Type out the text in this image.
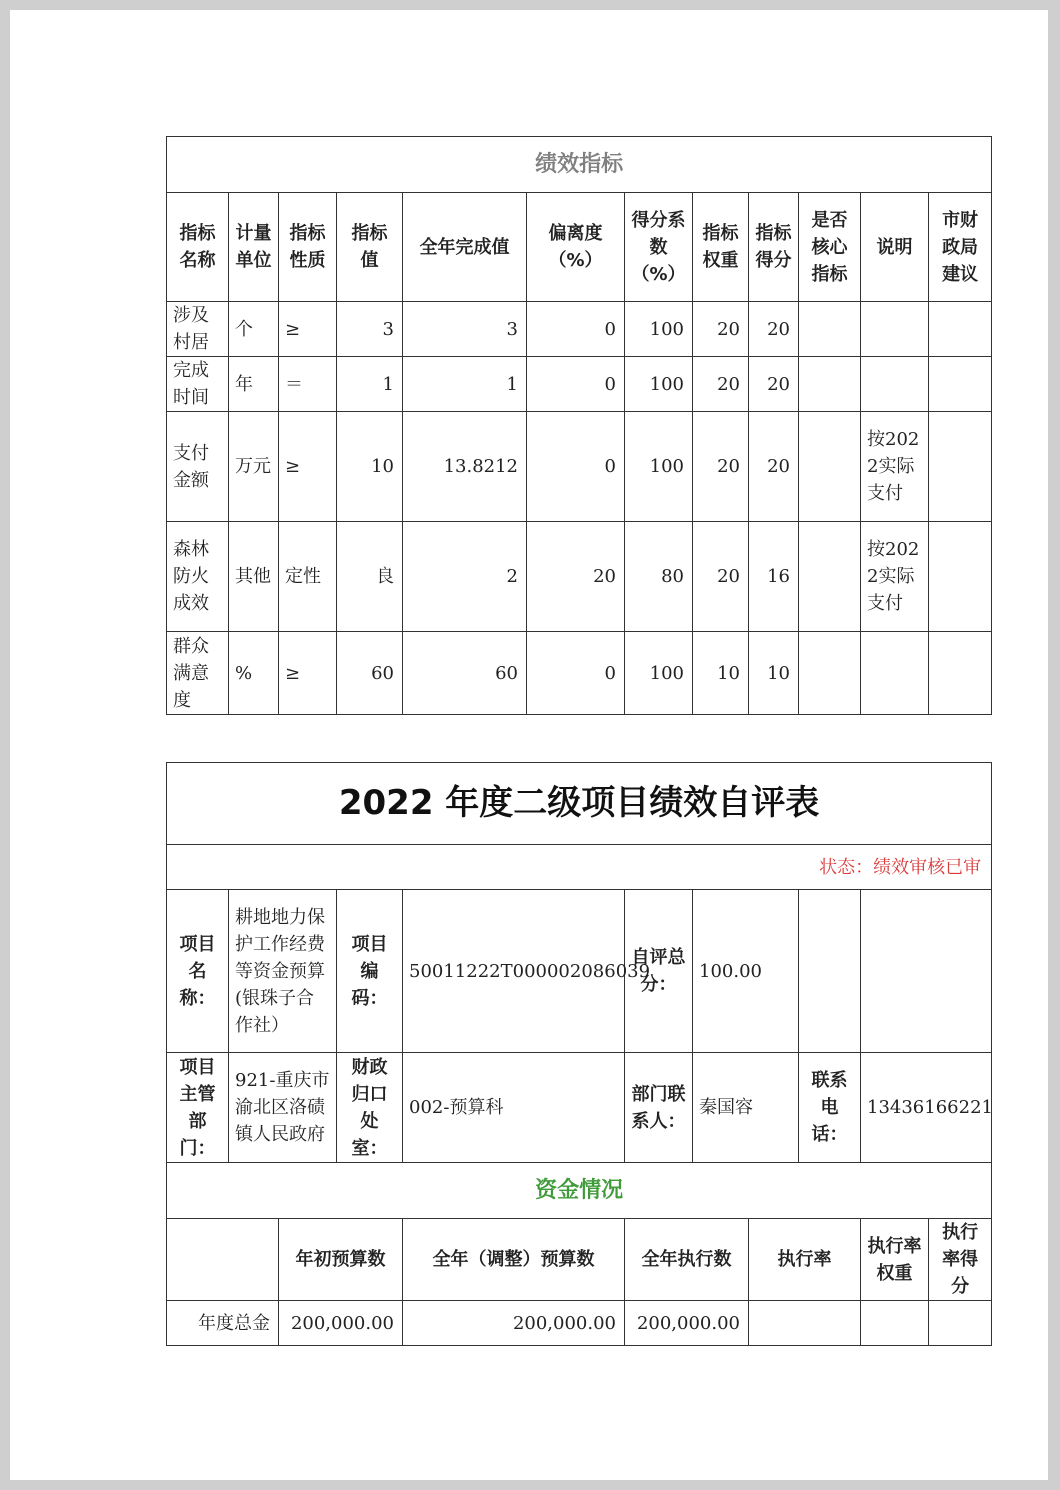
绩效指标											
指标名称	计量单位	指标性质	指标值	全年完成值	偏离度（%）	得分系数（%）	指标权重	指标得分	是否核心指标	说明	市财政局建议
涉及村居	个	≥	3	3	0	100	20	20			
完成时间	年	＝	1	1	0	100	20	20			
支付金额	万元	≥	10	13.8212	0	100	20	20		按2022实际支付	
森林防火成效	其他	定性	良	2	20	80	20	16		按2022实际支付	
群众满意度	%	≥	60	60	0	100	10	10			
2022 年度二级项目绩效自评表										
状态：绩效审核已审										
项目名称：	耕地地力保护工作经费等资金预算(银珠子合作社）		项目编码：	50011222T000002086039	自评总分：	100.00				
项目主管部门：	921-重庆市渝北区洛碛镇人民政府		财政归口处室：	002-预算科	部门联系人：	秦国容		联系电话：	13436166221	
资金情况										
		年初预算数		全年（调整）预算数	全年执行数		执行率		执行率权重	执行率得分
年度总金		200,000.00		200,000.00	200,000.00					
